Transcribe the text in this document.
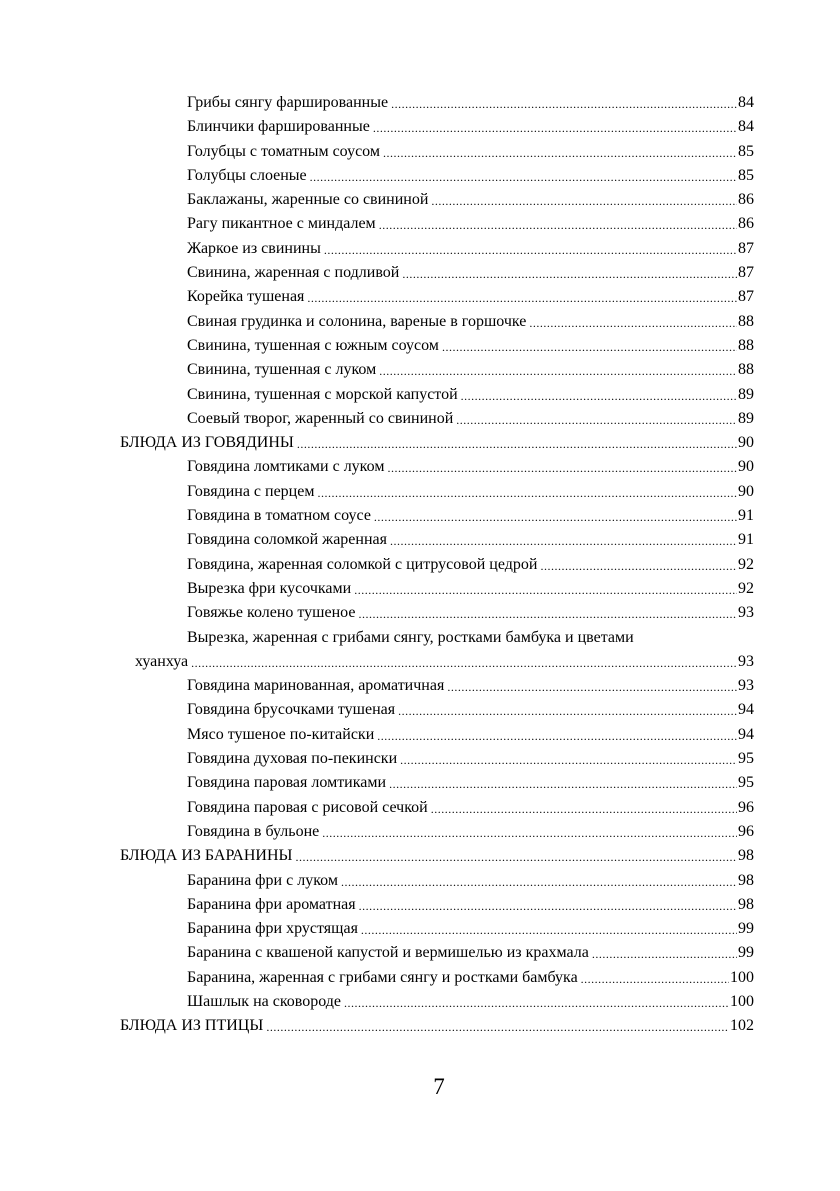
Грибы сянгу фаршированные .....	84
Блинчики фаршированные .....	84
Голубцы с томатным соусом .....	85
Голубцы слоеные .....	85
Баклажаны, жаренные со свининой .....	86
Рагу пикантное с миндалем .....	86
Жаркое из свинины .....	87
Свинина, жаренная с подливой .....	87
Корейка тушеная .....	87
Свиная грудинка и солонина, вареные в горшочке .....	88
Свинина, тушенная с южным соусом .....	88
Свинина, тушенная с луком .....	88
Свинина, тушенная с морской капустой .....	89
Соевый творог, жаренный со свининой .....	89
БЛЮДА ИЗ ГОВЯДИНЫ .....	90
Говядина ломтиками с луком .....	90
Говядина с перцем .....	90
Говядина в томатном соусе .....	91
Говядина соломкой жаренная .....	91
Говядина, жаренная соломкой с цитрусовой цедрой .....	92
Вырезка фри кусочками .....	92
Говяжье колено тушеное .....	93
Вырезка, жаренная с грибами сянгу, ростками бамбука и цветами
хуанхуа .....	93
Говядина маринованная, ароматичная .....	93
Говядина брусочками тушеная .....	94
Мясо тушеное по-китайски .....	94
Говядина духовая по-пекински .....	95
Говядина паровая ломтиками .....	95
Говядина паровая с рисовой сечкой .....	96
Говядина в бульоне .....	96
БЛЮДА ИЗ БАРАНИНЫ .....	98
Баранина фри с луком .....	98
Баранина фри ароматная .....	98
Баранина фри хрустящая .....	99
Баранина с квашеной капустой и вермишелью из крахмала .....	99
Баранина, жаренная с грибами сянгу и ростками бамбука .....	100
Шашлык на сковороде .....	100
БЛЮДА ИЗ ПТИЦЫ .....	102
7
